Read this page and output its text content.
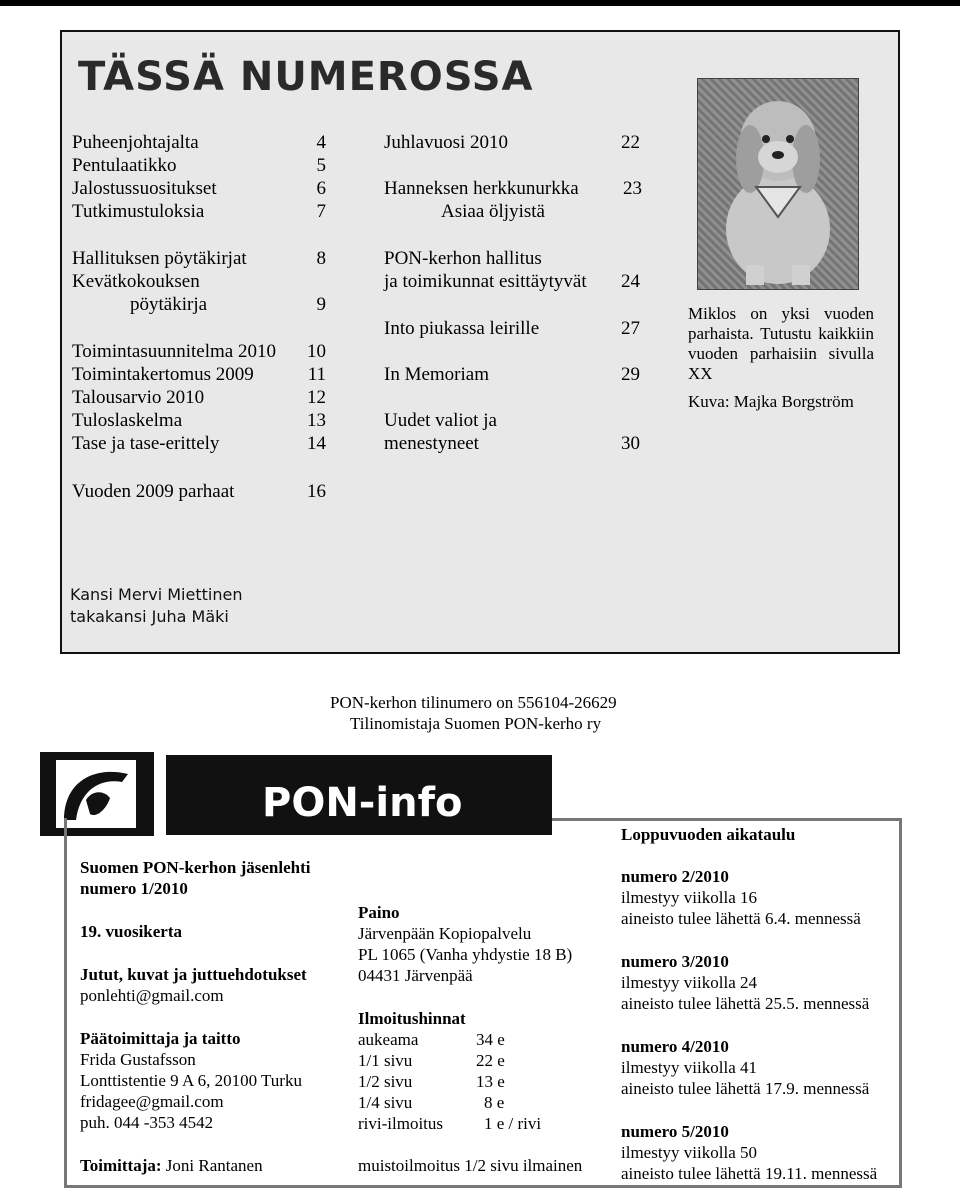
TÄSSÄ NUMEROSSA
Puheenjohtajalta	4
Pentulaatikko	5
Jalostussuositukset	6
Tutkimustuloksia	7
Hallituksen pöytäkirjat	8
Kevätkokouksen
pöytäkirja	9
Toimintasuunnitelma 2010	10
Toimintakertomus 2009	11
Talousarvio 2010	12
Tuloslaskelma	13
Tase ja tase-erittely	14
Vuoden 2009 parhaat	16
Juhlavuosi 2010	22
Hanneksen herkkunurkka	23
Asiaa öljyistä
PON-kerhon hallitus
ja toimikunnat esittäytyvät	24
Into piukassa leirille	27
In Memoriam	29
Uudet valiot ja
menestyneet	30
Miklos on yksi vuoden parhaista. Tutustu kaikkiin vuoden parhaisiin sivulla XX
Kuva: Majka Borgström
Kansi Mervi Miettinen
takakansi Juha Mäki
PON-kerhon tilinumero on 556104-26629
Tilinomistaja Suomen PON-kerho ry
PON-info
Suomen PON-kerhon jäsenlehti
numero 1/2010
19. vuosikerta
Jutut, kuvat ja juttuehdotukset
ponlehti@gmail.com
Päätoimittaja ja taitto
Frida Gustafsson
Lonttistentie 9 A 6, 20100 Turku
fridagee@gmail.com
puh. 044 -353 4542
Toimittaja: Joni Rantanen
Paino
Järvenpään Kopiopalvelu
PL 1065 (Vanha yhdystie 18 B)
04431 Järvenpää
Ilmoitushinnat
aukeama	34 e
1/1 sivu	22 e
1/2 sivu	13 e
1/4 sivu	8 e
rivi-ilmoitus 1 e / rivi
muistoilmoitus 1/2 sivu ilmainen
Loppuvuoden aikataulu
numero 2/2010
ilmestyy viikolla 16
aineisto tulee lähettä 6.4. mennessä
numero 3/2010
ilmestyy viikolla 24
aineisto tulee lähettä 25.5. mennessä
numero 4/2010
ilmestyy viikolla 41
aineisto tulee lähettä 17.9. mennessä
numero 5/2010
ilmestyy viikolla 50
aineisto tulee lähettä 19.11. mennessä
